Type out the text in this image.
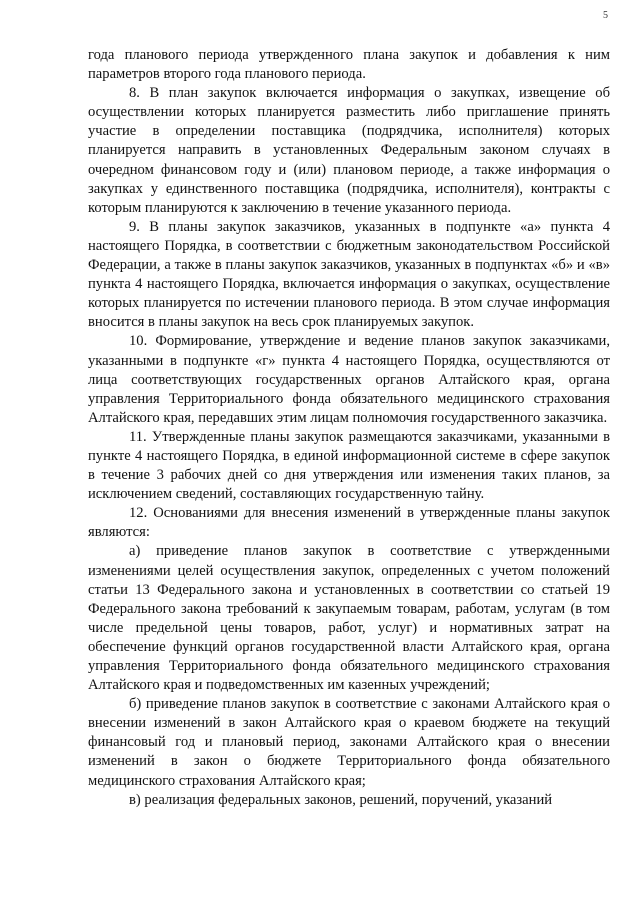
5

года планового периода утвержденного плана закупок и добавления к ним параметров второго года планового периода.

8. В план закупок включается информация о закупках, извещение об осуществлении которых планируется разместить либо приглашение принять участие в определении поставщика (подрядчика, исполнителя) которых планируется направить в установленных Федеральным законом случаях в очередном финансовом году и (или) плановом периоде, а также информация о закупках у единственного поставщика (подрядчика, исполнителя), контракты с которым планируются к заключению в течение указанного периода.

9. В планы закупок заказчиков, указанных в подпункте «а» пункта 4 настоящего Порядка, в соответствии с бюджетным законодательством Российской Федерации, а также в планы закупок заказчиков, указанных в подпунктах «б» и «в» пункта 4 настоящего Порядка, включается информация о закупках, осуществление которых планируется по истечении планового периода. В этом случае информация вносится в планы закупок на весь срок планируемых закупок.

10. Формирование, утверждение и ведение планов закупок заказчиками, указанными в подпункте «г» пункта 4 настоящего Порядка, осуществляются от лица соответствующих государственных органов Алтайского края, органа управления Территориального фонда обязательного медицинского страхования Алтайского края, передавших этим лицам полномочия государственного заказчика.

11. Утвержденные планы закупок размещаются заказчиками, указанными в пункте 4 настоящего Порядка, в единой информационной системе в сфере закупок в течение 3 рабочих дней со дня утверждения или изменения таких планов, за исключением сведений, составляющих государственную тайну.

12. Основаниями для внесения изменений в утвержденные планы закупок являются:

а) приведение планов закупок в соответствие с утвержденными изменениями целей осуществления закупок, определенных с учетом положений статьи 13 Федерального закона и установленных в соответствии со статьей 19 Федерального закона требований к закупаемым товарам, работам, услугам (в том числе предельной цены товаров, работ, услуг) и нормативных затрат на обеспечение функций органов государственной власти Алтайского края, органа управления Территориального фонда обязательного медицинского страхования Алтайского края и подведомственных им казенных учреждений;

б) приведение планов закупок в соответствие с законами Алтайского края о внесении изменений в закон Алтайского края о краевом бюджете на текущий финансовый год и плановый период, законами Алтайского края о внесении изменений в закон о бюджете Территориального фонда обязательного медицинского страхования Алтайского края;

в) реализация федеральных законов, решений, поручений, указаний
